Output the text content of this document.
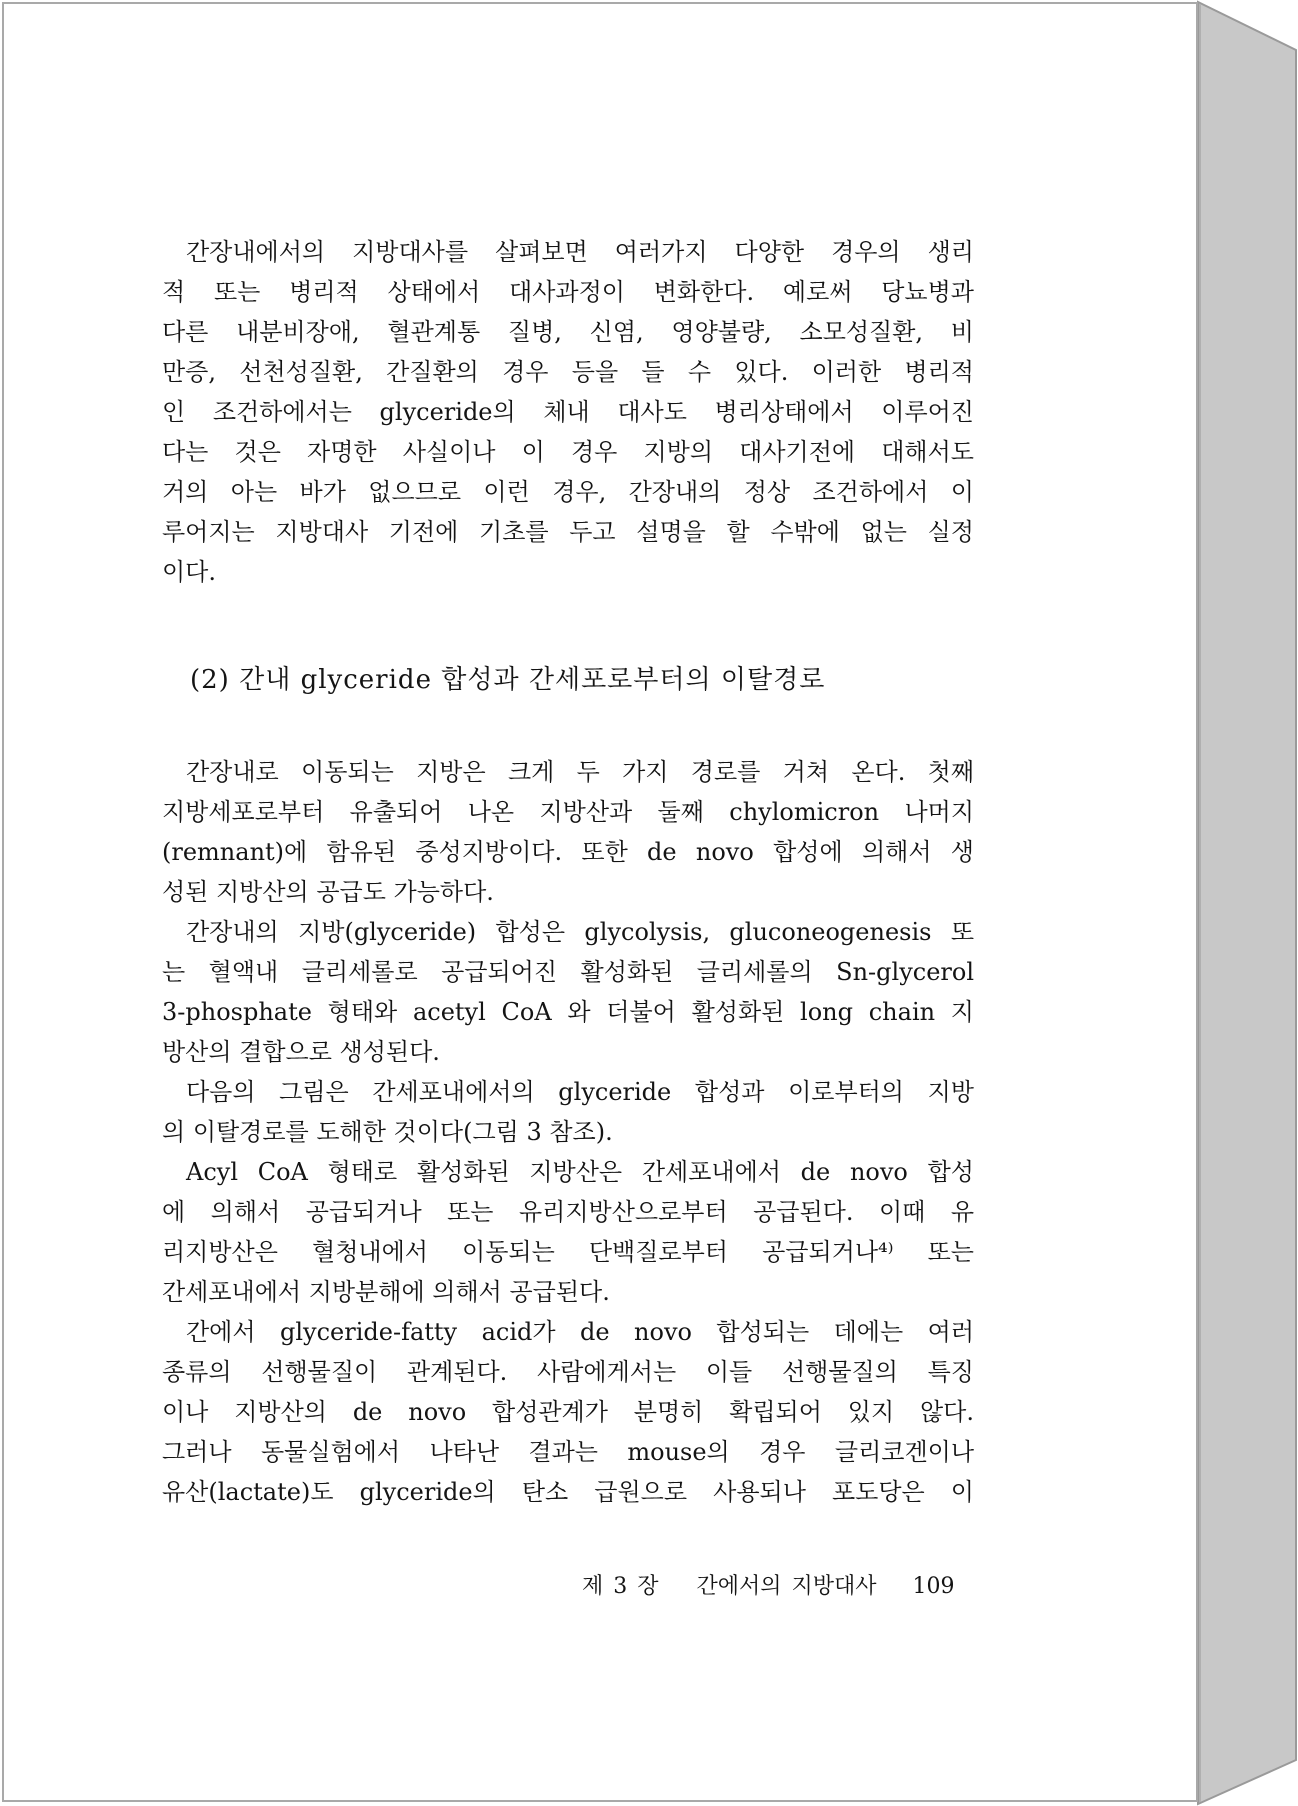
간장내에서의 지방대사를 살펴보면 여러가지 다양한 경우의 생리
적 또는 병리적 상태에서 대사과정이 변화한다. 예로써 당뇨병과
다른 내분비장애, 혈관계통 질병, 신염, 영양불량, 소모성질환, 비
만증, 선천성질환, 간질환의 경우 등을 들 수 있다. 이러한 병리적
인 조건하에서는 glyceride의 체내 대사도 병리상태에서 이루어진
다는 것은 자명한 사실이나 이 경우 지방의 대사기전에 대해서도
거의 아는 바가 없으므로 이런 경우, 간장내의 정상 조건하에서 이
루어지는 지방대사 기전에 기초를 두고 설명을 할 수밖에 없는 실정
이다.
(2) 간내 glyceride 합성과 간세포로부터의 이탈경로
간장내로 이동되는 지방은 크게 두 가지 경로를 거쳐 온다. 첫째
지방세포로부터 유출되어 나온 지방산과 둘째 chylomicron 나머지
(remnant)에 함유된 중성지방이다. 또한 de novo 합성에 의해서 생
성된 지방산의 공급도 가능하다.
간장내의 지방(glyceride) 합성은 glycolysis, gluconeogenesis 또
는 혈액내 글리세롤로 공급되어진 활성화된 글리세롤의 Sn-glycerol
3-phosphate 형태와 acetyl CoA 와 더불어 활성화된 long chain 지
방산의 결합으로 생성된다.
다음의 그림은 간세포내에서의 glyceride 합성과 이로부터의 지방
의 이탈경로를 도해한 것이다(그림 3 참조).
Acyl CoA 형태로 활성화된 지방산은 간세포내에서 de novo 합성
에 의해서 공급되거나 또는 유리지방산으로부터 공급된다. 이때 유
리지방산은 혈청내에서 이동되는 단백질로부터 공급되거나⁴⁾ 또는
간세포내에서 지방분해에 의해서 공급된다.
간에서 glyceride-fatty acid가 de novo 합성되는 데에는 여러
종류의 선행물질이 관계된다. 사람에게서는 이들 선행물질의 특징
이나 지방산의 de novo 합성관계가 분명히 확립되어 있지 않다.
그러나 동물실험에서 나타난 결과는 mouse의 경우 글리코겐이나
유산(lactate)도 glyceride의 탄소 급원으로 사용되나 포도당은 이
제 3 장 간에서의 지방대사 109
